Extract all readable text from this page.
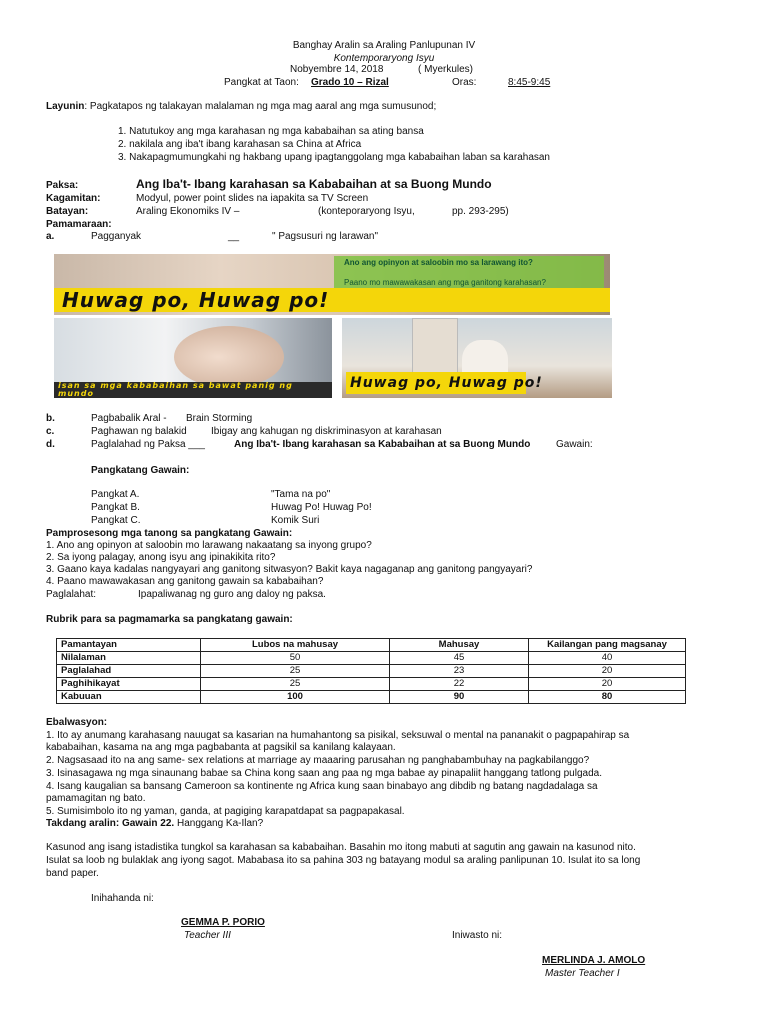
Banghay Aralin sa Araling Panlupunan IV
Kontemporaryong Isyu
Nobyembre 14, 2018	( Myerkules)
Pangkat at Taon: Grado 10 – Rizal	Oras:	8:45-9:45
Layunin: Pagkatapos ng talakayan malalaman ng mga mag aaral ang mga sumusunod;
1. Natutukoy ang mga karahasan ng mga kababaihan sa ating bansa
2. nakilala ang iba't ibang karahasan sa China at Africa
3. Nakapagmumungkahi ng hakbang upang ipagtanggolang mga kababaihan laban sa karahasan
Paksa:	Ang Iba't- Ibang karahasan sa Kababaihan at sa Buong Mundo
Kagamitan:	Modyul, power point slides na iapakita sa TV Screen
Batayan:	Araling Ekonomiks IV –	(konteporaryong Isyu,	pp. 293-295)
Pamamaraan:
a.	Pagganyak	__	" Pagsusuri ng larawan"
Ano ang opinyon at saloobin mo sa larawang ito?
Paano mo mawawakasan ang mga ganitong karahasan?
Huwag po, Huwag po!
isan sa mga kababaihan sa bawat panig ng mundo
Huwag po, Huwag po!
b.	Pagbabalik Aral - Brain Storming
c.	Paghawan ng balakid Ibigay ang kahugan ng diskriminasyon at karahasan
d.	Paglalahad ng Paksa ___	Ang Iba't- Ibang karahasan sa Kababaihan at sa Buong Mundo	Gawain:
Pangkatang Gawain:
Pangkat A.	"Tama na po"
Pangkat B.	Huwag Po! Huwag Po!
Pangkat C.	Komik Suri
Pamprosesong mga tanong sa pangkatang Gawain:
1. Ano ang opinyon at saloobin mo larawang nakaatang sa inyong grupo?
2. Sa iyong palagay, anong isyu ang ipinakikita rito?
3. Gaano kaya kadalas nangyayari ang ganitong sitwasyon? Bakit kaya nagaganap ang ganitong pangyayari?
4. Paano mawawakasan ang ganitong gawain sa kababaihan?
Paglalahat:	Ipapaliwanag ng guro ang daloy ng paksa.
Rubrik para sa pagmamarka sa pangkatang gawain:
Pamantayan	Lubos na mahusay	Mahusay	Kailangan pang magsanay
Nilalaman	50	45	40
Paglalahad	25	23	20
Paghihikayat	25	22	20
Kabuuan	100	90	80
Ebalwasyon:
1. Ito ay anumang karahasang nauugat sa kasarian na humahantong sa pisikal, seksuwal o mental na pananakit o pagpapahirap sa
kababaihan, kasama na ang mga pagbabanta at pagsikil sa kanilang kalayaan.
2. Nagsasaad ito na ang same- sex relations at marriage ay maaaring parusahan ng panghabambuhay na pagkabilanggo?
3. Isinasagawa ng mga sinaunang babae sa China kong saan ang paa ng mga babae ay pinapaliit hanggang tatlong pulgada.
4. Isang kaugalian sa bansang Cameroon sa kontinente ng Africa kung saan binabayo ang dibdib ng batang nagdadalaga sa
pamamagitan ng bato.
5. Sumisimbolo ito ng yaman, ganda, at pagiging karapatdapat sa pagpapakasal.
Takdang aralin: Gawain 22. Hanggang Ka-Ilan?
Kasunod ang isang istadistika tungkol sa karahasan sa kababaihan. Basahin mo itong mabuti at sagutin ang gawain na kasunod nito.
Isulat sa loob ng bulaklak ang iyong sagot. Mababasa ito sa pahina 303 ng batayang modul sa araling panlipunan 10. Isulat ito sa long
band paper.
Inihahanda ni:
GEMMA P. PORIO
Teacher III	Iniwasto ni:
MERLINDA J. AMOLO
Master Teacher I
